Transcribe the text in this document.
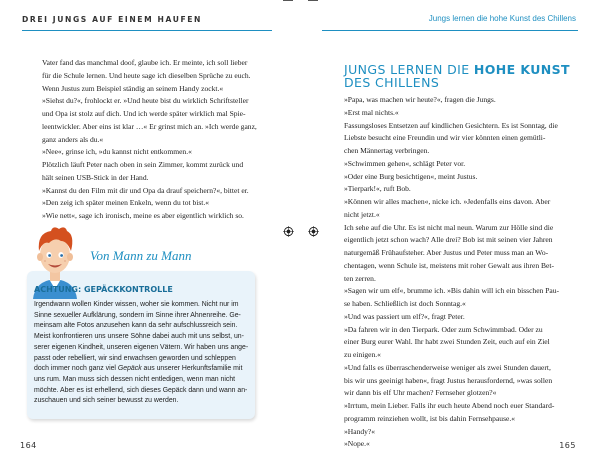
DREI JUNGS AUF EINEM HAUFEN

Vater fand das manchmal doof, glaube ich. Er meinte, ich soll lieber

für die Schule lernen. Und heute sage ich dieselben Sprüche zu euch.

Wenn Justus zum Beispiel ständig an seinem Handy zockt.«

»Siehst du?«, frohlockt er. »Und heute bist du wirklich Schriftsteller

und Opa ist stolz auf dich. Und ich werde später wirklich mal Spie-

leentwickler. Aber eins ist klar …« Er grinst mich an. »Ich werde ganz,

ganz anders als du.«

»Nee«, grinse ich, »du kannst nicht entkommen.«

Plötzlich läuft Peter nach oben in sein Zimmer, kommt zurück und

hält seinen USB-Stick in der Hand.

»Kannst du den Film mit dir und Opa da drauf speichern?«, bittet er.

»Den zeig ich später meinen Enkeln, wenn du tot bist.«

»Wie nett«, sage ich ironisch, meine es aber eigentlich wirklich so.

Von Mann zu Mann
ACHTUNG: GEPÄCKKONTROLLE

Irgendwann wollen Kinder wissen, woher sie kommen. Nicht nur im

Sinne sexueller Aufklärung, sondern im Sinne ihrer Ahnenreihe. Ge-

meinsam alte Fotos anzusehen kann da sehr aufschlussreich sein.

Meist konfrontieren uns unsere Söhne dabei auch mit uns selbst, un-

serer eigenen Kindheit, unseren eigenen Vätern. Wir haben uns ange-

passt oder rebelliert, wir sind erwachsen geworden und schleppen

doch immer noch ganz viel Gepäck aus unserer Herkunftsfamilie mit

uns rum. Man muss sich dessen nicht entledigen, wenn man nicht

möchte. Aber es ist erhellend, sich dieses Gepäck dann und wann an-

zuschauen und sich seiner bewusst zu werden.

164
Jungs lernen die hohe Kunst des Chillens
JUNGS LERNEN DIE HOHE KUNST
DES CHILLENS

»Papa, was machen wir heute?«, fragen die Jungs.

»Erst mal nichts.«

Fassungsloses Entsetzen auf kindlichen Gesichtern. Es ist Sonntag, die

Liebste besucht eine Freundin und wir vier könnten einen gemütli-

chen Männertag verbringen.

»Schwimmen gehen«, schlägt Peter vor.

»Oder eine Burg besichtigen«, meint Justus.

»Tierpark!«, ruft Bob.

»Können wir alles machen«, nicke ich. »Jedenfalls eins davon. Aber

nicht jetzt.«

Ich sehe auf die Uhr. Es ist nicht mal neun. Warum zur Hölle sind die

eigentlich jetzt schon wach? Alle drei? Bob ist mit seinen vier Jahren

naturgemäß Frühaufsteher. Aber Justus und Peter muss man an Wo-

chentagen, wenn Schule ist, meistens mit roher Gewalt aus ihren Bet-

ten zerren.

»Sagen wir um elf«, brumme ich. »Bis dahin will ich ein bisschen Pau-

se haben. Schließlich ist doch Sonntag.«

»Und was passiert um elf?«, fragt Peter.

»Da fahren wir in den Tierpark. Oder zum Schwimmbad. Oder zu

einer Burg eurer Wahl. Ihr habt zwei Stunden Zeit, euch auf ein Ziel

zu einigen.«

»Und falls es überraschenderweise weniger als zwei Stunden dauert,

bis wir uns geeinigt haben«, fragt Justus herausfordernd, »was sollen

wir dann bis elf Uhr machen? Fernseher glotzen?«

»Irrtum, mein Lieber. Falls ihr euch heute Abend noch euer Standard-

programm reinziehen wollt, ist bis dahin Fernsehpause.«

»Handy?«

»Nope.«	165
